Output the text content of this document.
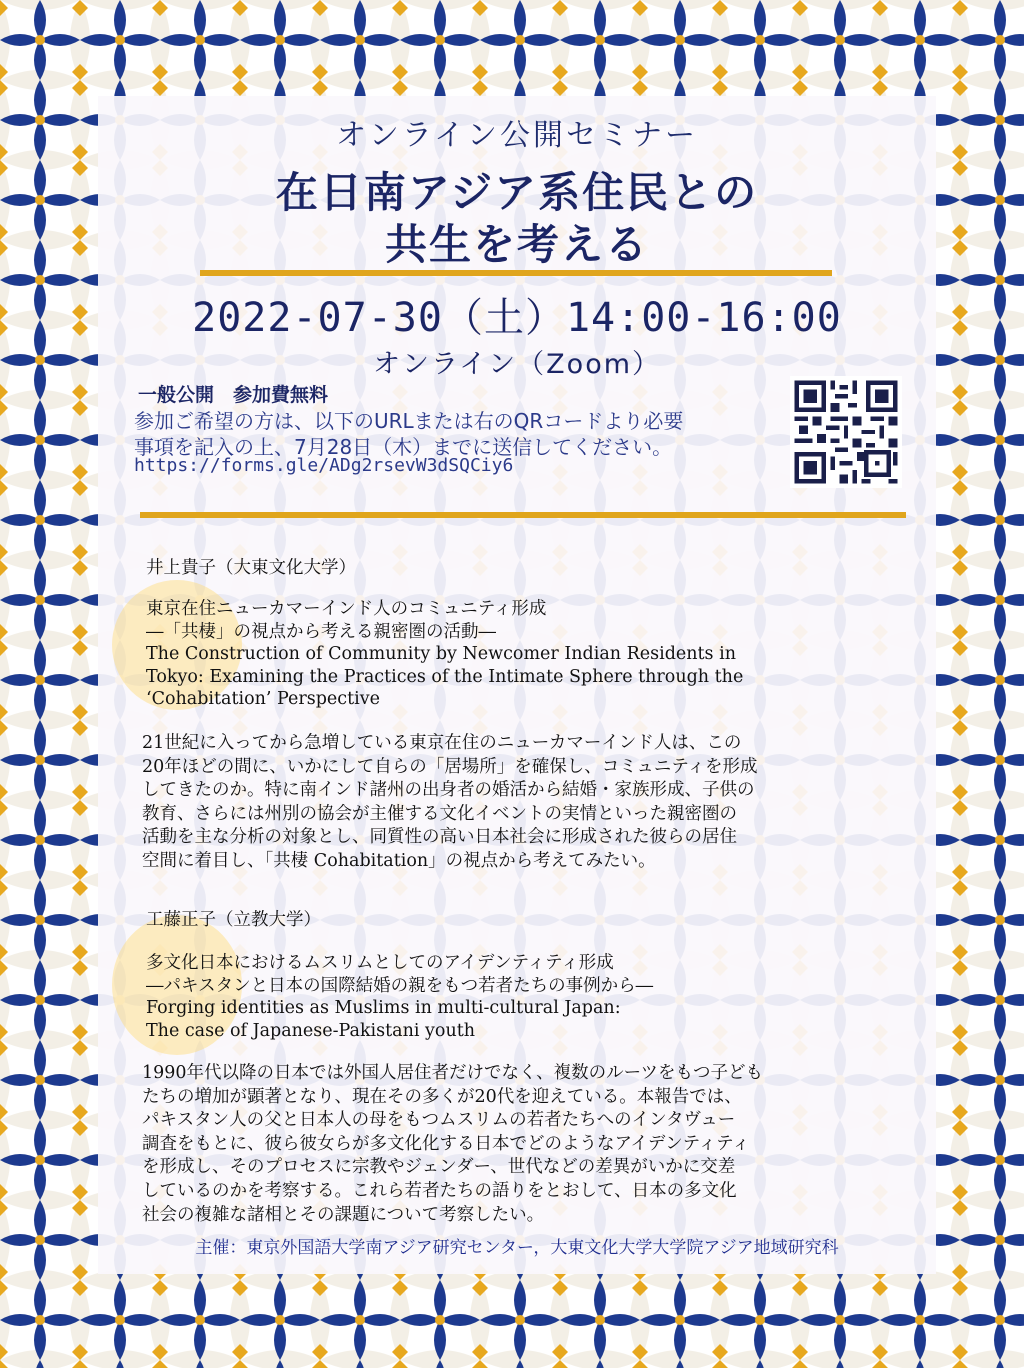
オンライン公開セミナー
在日南アジア系住民との
共生を考える
2022-07-30（土）14:00-16:00
オンライン（Zoom）
一般公開　参加費無料
参加ご希望の方は、以下のURLまたは右のQRコードより必要
事項を記入の上、7月28日（木）までに送信してください。
https://forms.gle/ADg2rsevW3dSQCiy6
井上貴子（大東文化大学）
東京在住ニューカマーインド人のコミュニティ形成
―「共棲」の視点から考える親密圏の活動―
The Construction of Community by Newcomer Indian Residents in
Tokyo: Examining the Practices of the Intimate Sphere through the
‘Cohabitation’ Perspective
21世紀に入ってから急増している東京在住のニューカマーインド人は、この
20年ほどの間に、いかにして自らの「居場所」を確保し、コミュニティを形成
してきたのか。特に南インド諸州の出身者の婚活から結婚・家族形成、子供の
教育、さらには州別の協会が主催する文化イベントの実情といった親密圏の
活動を主な分析の対象とし、同質性の高い日本社会に形成された彼らの居住
空間に着目し、「共棲 Cohabitation」の視点から考えてみたい。
工藤正子（立教大学）
多文化日本におけるムスリムとしてのアイデンティティ形成
―パキスタンと日本の国際結婚の親をもつ若者たちの事例から―
Forging identities as Muslims in multi-cultural Japan:
The case of Japanese-Pakistani youth
1990年代以降の日本では外国人居住者だけでなく、複数のルーツをもつ子ども
たちの増加が顕著となり、現在その多くが20代を迎えている。本報告では、
パキスタン人の父と日本人の母をもつムスリムの若者たちへのインタヴュー
調査をもとに、彼ら彼女らが多文化化する日本でどのようなアイデンティティ
を形成し、そのプロセスに宗教やジェンダー、世代などの差異がいかに交差
しているのかを考察する。これら若者たちの語りをとおして、日本の多文化
社会の複雑な諸相とその課題について考察したい。
主催：東京外国語大学南アジア研究センター，大東文化大学大学院アジア地域研究科
